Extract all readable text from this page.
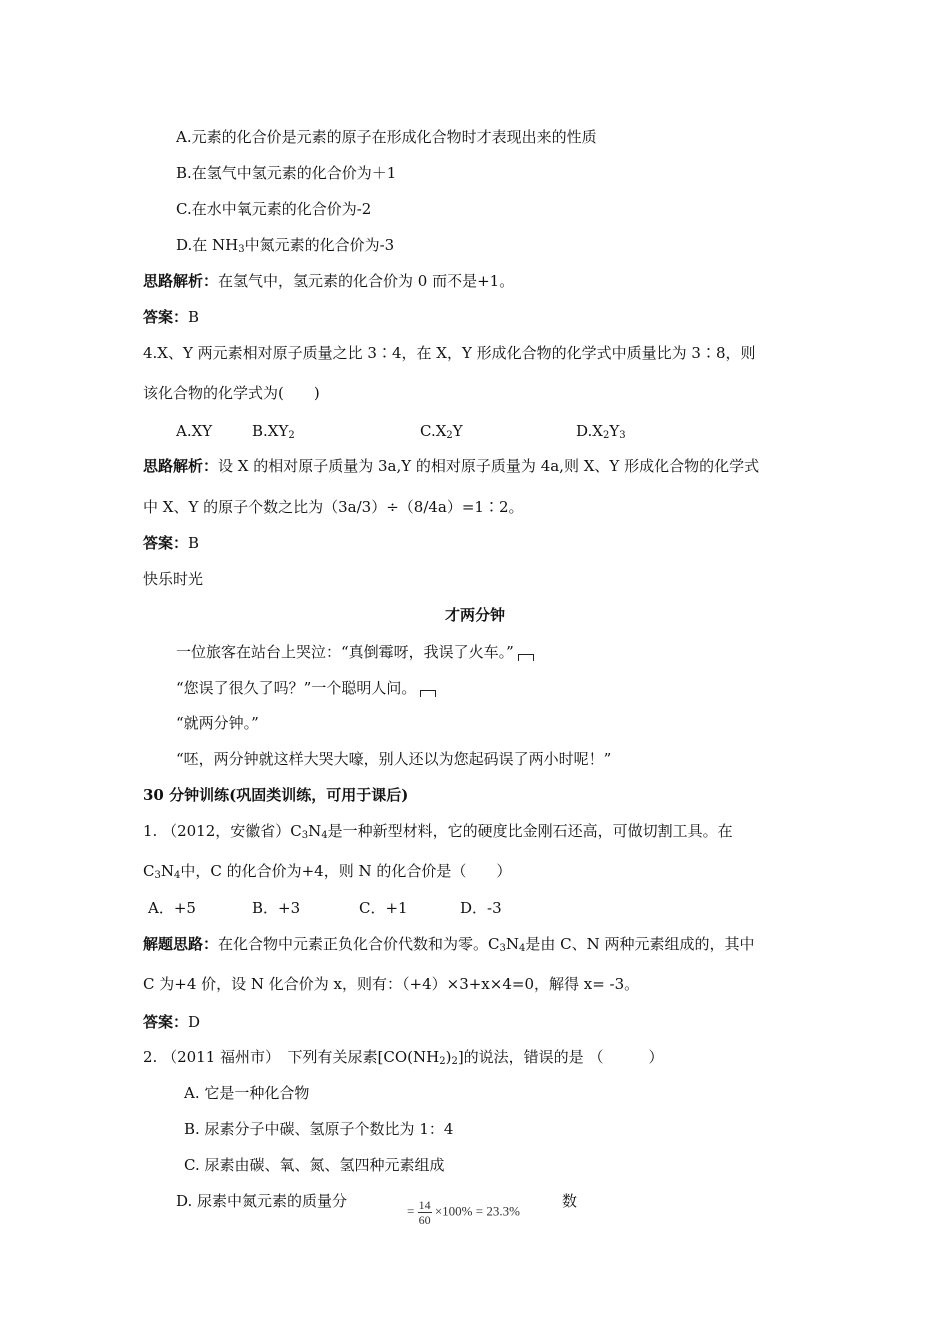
A.元素的化合价是元素的原子在形成化合物时才表现出来的性质
B.在氢气中氢元素的化合价为＋1
C.在水中氧元素的化合价为-2
D.在 $NH_3$中氮元素的化合价为-3
思路解析：在氢气中，氢元素的化合价为 0 而不是+1。
答案：B
4.X、Y 两元素相对原子质量之比 3∶4，在 X，Y 形成化合物的化学式中质量比为 3∶8，则
该化合物的化学式为(　　)
A.XY	$B.XY_2$	$C.X_2Y$	$D.X_2Y_3$
思路解析：设 X 的相对原子质量为 3a,Y 的相对原子质量为 4a,则 X、Y 形成化合物的化学式
中 X、Y 的原子个数之比为（3a/3）÷（8/4a）=1∶2。
答案：B
快乐时光
才两分钟
一位旅客在站台上哭泣：“真倒霉呀，我误了火车。”
“您误了很久了吗？”一个聪明人问。
“就两分钟。”
“呸，两分钟就这样大哭大嚎，别人还以为您起码误了两小时呢！”
30 分钟训练(巩固类训练，可用于课后)
1. （2012，安徽省）$C_3N_4$是一种新型材料，它的硬度比金刚石还高，可做切割工具。在
$C_3N_4$中，C 的化合价为+4，则 N 的化合价是（　　）
A．+5	B．+3	C．+1	D．-3
解题思路：在化合物中元素正负化合价代数和为零。$C_3N_4$是由 C、N 两种元素组成的，其中
C 为+4 价，设 N 化合价为 x，则有：（+4）×3+x×4=0，解得 x= -3。
答案：D
2. （2011 福州市）　下列有关尿素$[CO(NH_2)_2]$的说法，错误的是 （　　　）
A. 它是一种化合物
B. 尿素分子中碳、氢原子个数比为 1：4
C. 尿素由碳、氧、氮、氢四种元素组成
D. 尿素中氮元素的质量分
= $\frac{14}{60} \times 100\% = 23.3\%$
数
